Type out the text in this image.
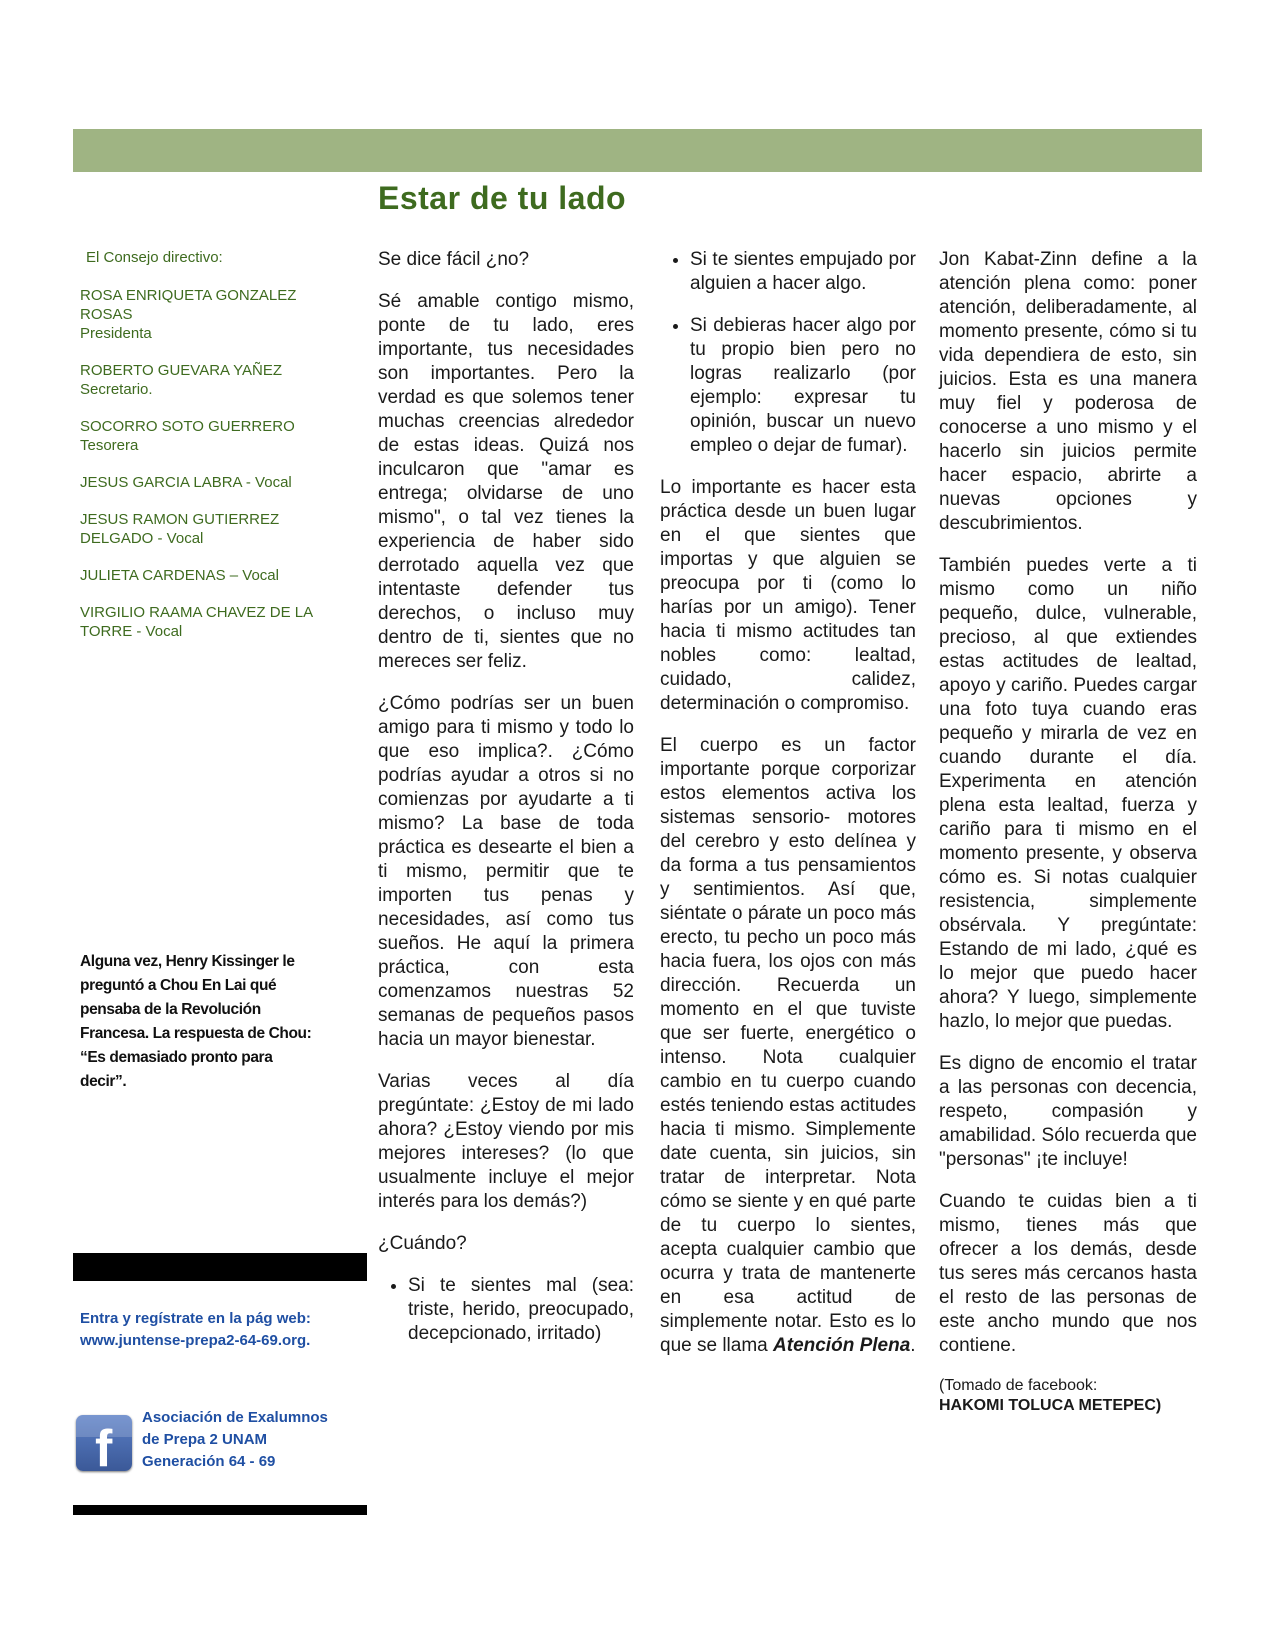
Estar de tu lado

El Consejo directivo:

ROSA ENRIQUETA GONZALEZ ROSAS
Presidenta
ROBERTO GUEVARA YAÑEZ
Secretario.
SOCORRO SOTO GUERRERO
Tesorera
JESUS GARCIA LABRA - Vocal
JESUS RAMON GUTIERREZ DELGADO - Vocal
JULIETA CARDENAS – Vocal
VIRGILIO RAAMA CHAVEZ DE LA TORRE - Vocal
Alguna vez, Henry Kissinger le preguntó a Chou En Lai qué pensaba de la Revolución Francesa. La respuesta de Chou: “Es demasiado pronto para decir”.
Entra y regístrate en la pág web:
www.juntense-prepa2-64-69.org.
f
Asociación de Exalumnos
de Prepa 2 UNAM
Generación 64 - 69

Se dice fácil ¿no?

Sé amable contigo mismo, ponte de tu lado, eres importante, tus necesidades son importantes. Pero la verdad es que solemos tener muchas creencias alrededor de estas ideas. Quizá nos inculcaron que "amar es entrega; olvidarse de uno mismo", o tal vez tienes la experiencia de haber sido derrotado aquella vez que intentaste defender tus derechos, o incluso muy dentro de ti, sientes que no mereces ser feliz.

¿Cómo podrías ser un buen amigo para ti mismo y todo lo que eso implica?. ¿Cómo podrías ayudar a otros si no comienzas por ayudarte a ti mismo? La base de toda práctica es desearte el bien a ti mismo, permitir que te importen tus penas y necesidades, así como tus sueños. He aquí la primera práctica, con esta comenzamos nuestras 52 semanas de pequeños pasos hacia un mayor bienestar.

Varias veces al día pregúntate: ¿Estoy de mi lado ahora? ¿Estoy viendo por mis mejores intereses? (lo que usualmente incluye el mejor interés para los demás?)

¿Cuándo?

• Si te sientes mal (sea: triste, herido, preocupado, decepcionado, irritado)
• Si te sientes empujado por alguien a hacer algo.
• Si debieras hacer algo por tu propio bien pero no logras realizarlo (por ejemplo: expresar tu opinión, buscar un nuevo empleo o dejar de fumar).

Lo importante es hacer esta práctica desde un buen lugar en el que sientes que importas y que alguien se preocupa por ti (como lo harías por un amigo). Tener hacia ti mismo actitudes tan nobles como: lealtad, cuidado, calidez, determinación o compromiso.

El cuerpo es un factor importante porque corporizar estos elementos activa los sistemas sensorio- motores del cerebro y esto delínea y da forma a tus pensamientos y sentimientos. Así que, siéntate o párate un poco más erecto, tu pecho un poco más hacia fuera, los ojos con más dirección. Recuerda un momento en el que tuviste que ser fuerte, energético o intenso. Nota cualquier cambio en tu cuerpo cuando estés teniendo estas actitudes hacia ti mismo. Simplemente date cuenta, sin juicios, sin tratar de interpretar. Nota cómo se siente y en qué parte de tu cuerpo lo sientes, acepta cualquier cambio que ocurra y trata de mantenerte en esa actitud de simplemente notar. Esto es lo que se llama Atención Plena.

Jon Kabat-Zinn define a la atención plena como: poner atención, deliberadamente, al momento presente, cómo si tu vida dependiera de esto, sin juicios. Esta es una manera muy fiel y poderosa de conocerse a uno mismo y el hacerlo sin juicios permite hacer espacio, abrirte a nuevas opciones y descubrimientos.

También puedes verte a ti mismo como un niño pequeño, dulce, vulnerable, precioso, al que extiendes estas actitudes de lealtad, apoyo y cariño. Puedes cargar una foto tuya cuando eras pequeño y mirarla de vez en cuando durante el día. Experimenta en atención plena esta lealtad, fuerza y cariño para ti mismo en el momento presente, y observa cómo es. Si notas cualquier resistencia, simplemente obsérvala. Y pregúntate: Estando de mi lado, ¿qué es lo mejor que puedo hacer ahora? Y luego, simplemente hazlo, lo mejor que puedas.

Es digno de encomio el tratar a las personas con decencia, respeto, compasión y amabilidad. Sólo recuerda que "personas" ¡te incluye!

Cuando te cuidas bien a ti mismo, tienes más que ofrecer a los demás, desde tus seres más cercanos hasta el resto de las personas de este ancho mundo que nos contiene.

(Tomado de facebook:
HAKOMI TOLUCA METEPEC)
